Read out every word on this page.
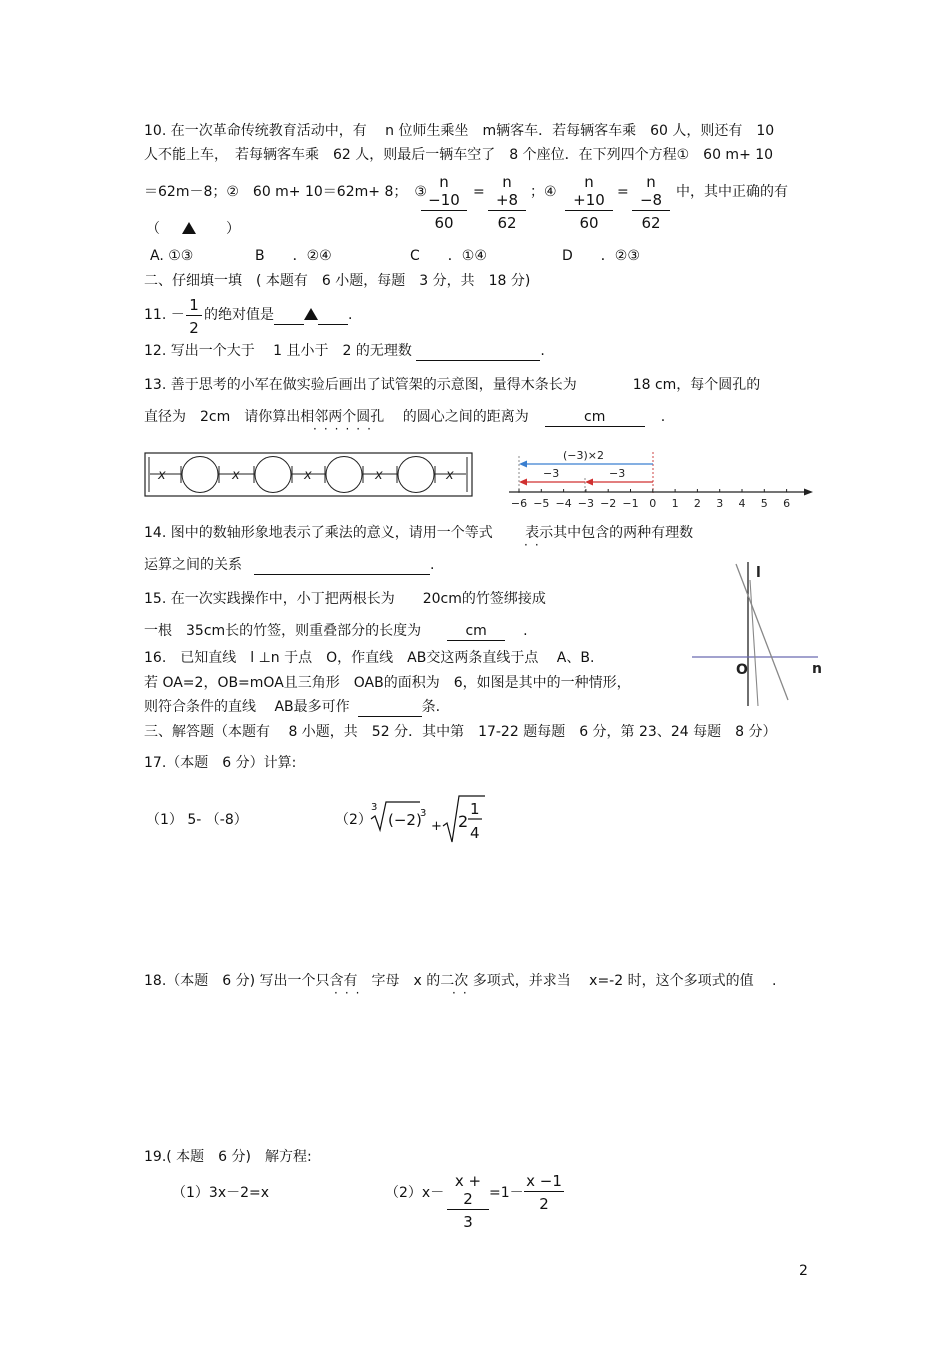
10. 在一次革命传统教育活动中，有　 n 位师生乘坐　m辆客车．若每辆客车乘　60 人，则还有　10
人不能上车，　若每辆客车乘　62 人，则最后一辆车空了　8 个座位．在下列四个方程①　60 m+ 10
＝62m－8；②　60 m+ 10＝62m+ 8；　③
$\frac{n -10}{60} = \frac{n +8}{62}$ ；④ $\frac{n +10}{60} = \frac{n -8}{62}$ 中，其中正确的有
（	）
A. ①③	B　　．②④	C　　．①④	D　　．②③
二、仔细填一填　( 本题有　6 小题，每题　3 分，共　18 分)
11. － $\frac{1}{2}$ 的绝对值是	.
12. 写出一个大于　 1 且小于　2 的无理数	.
13. 善于思考的小军在做实验后画出了试管架的示意图，量得木条长为　　　　18 cm，每个圆孔的
直径为　2cm　请你算出相邻两个圆孔　 的圆心之间的距离为	cm	.
······
x	x	x	x	x
(−3)×2
−3	−3
−6 −5 −4 −3 −2 −1 0 1 2 3 4 5 6
14. 图中的数轴形象地表示了乘法的意义，请用一个等式　　 表示其中包含的两种有理数
··
运算之间的关系	.	l
O	n
15. 在一次实践操作中，小丁把两根长为　　20cm的竹签绑接成
一根　35cm长的竹签，则重叠部分的长度为	cm	.
16.　已知直线　l ⊥n 于点　O，作直线　AB交这两条直线于点　 A、B.
若 OA=2，OB=mOA且三角形　OAB的面积为　6，如图是其中的一种情形，
则符合条件的直线　 AB最多可作	条.
三、解答题（本题有　 8 小题，共　52 分．其中第　17-22 题每题　6 分，第 23、24 每题　8 分）
17.（本题　6 分）计算:
（1） 5- （-8）	（2）
3
(−2)
3
+ 2
1
4
18.（本题　6 分) 写出一个只含有　字母　x 的二次 多项式，并求当　 x=-2 时，这个多项式的值　 .
···	··
19.( 本题　6 分)　解方程:
（1）3x－2=x	$(2)x- \frac{x + 2}{3} =1- \frac{x -1}{2}$
2
